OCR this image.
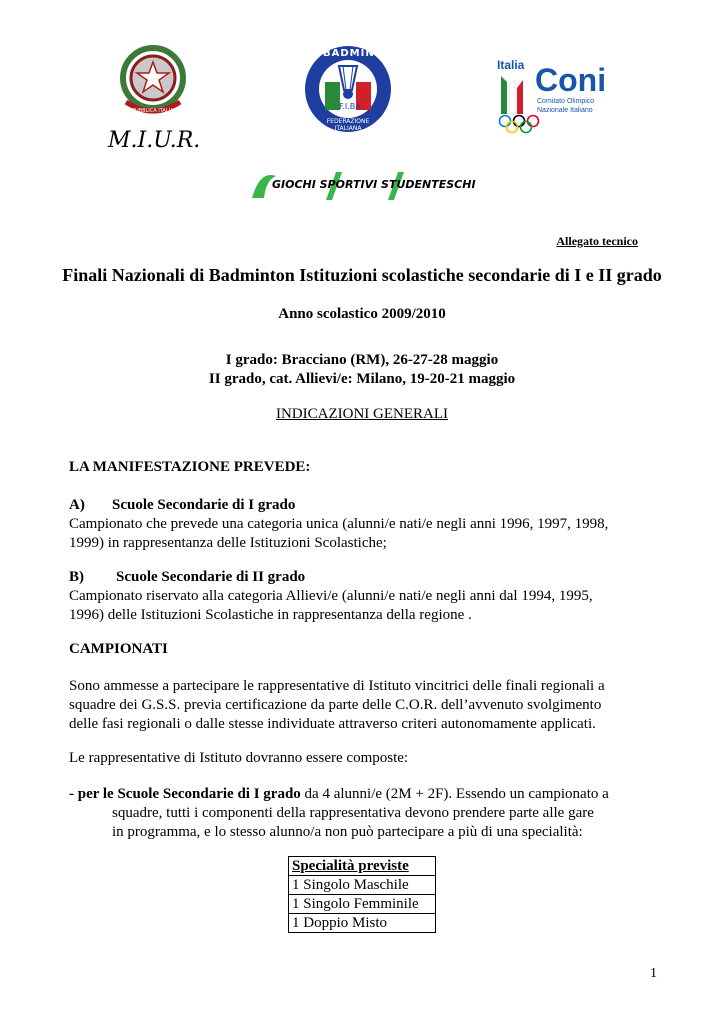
REPUBBLICA ITALIANA
M.I.U.R.
BADMINTON
F.I.Ba
FEDERAZIONE ITALIANA
Italia Coni
Comitato Olimpico
Nazionale Italiano
GIOCHI SPORTIVI STUDENTESCHI
Allegato tecnico
Finali Nazionali di Badminton Istituzioni scolastiche secondarie di I e II grado
Anno scolastico 2009/2010
I grado: Bracciano (RM), 26-27-28 maggio
II grado, cat. Allievi/e: Milano, 19-20-21 maggio
INDICAZIONI GENERALI
LA MANIFESTAZIONE PREVEDE:
A) Scuole Secondarie di I grado
Campionato che prevede una categoria unica (alunni/e nati/e negli anni 1996, 1997, 1998,
1999) in rappresentanza delle Istituzioni Scolastiche;
B) Scuole Secondarie di II grado
Campionato riservato alla categoria Allievi/e (alunni/e nati/e negli anni dal 1994, 1995,
1996) delle Istituzioni Scolastiche in rappresentanza della regione .
CAMPIONATI
Sono ammesse a partecipare le rappresentative di Istituto vincitrici delle finali regionali a
squadre dei G.S.S. previa certificazione da parte delle C.O.R. dell’avvenuto svolgimento
delle fasi regionali o dalle stesse individuate attraverso criteri autonomamente applicati.
Le rappresentative di Istituto dovranno essere composte:
- per le Scuole Secondarie di I grado da 4 alunni/e (2M + 2F). Essendo un campionato a
squadre, tutti i componenti della rappresentativa devono prendere parte alle gare
in programma, e lo stesso alunno/a non può partecipare a più di una specialità:
Specialità previste
1 Singolo Maschile
1 Singolo Femminile
1 Doppio Misto
1
